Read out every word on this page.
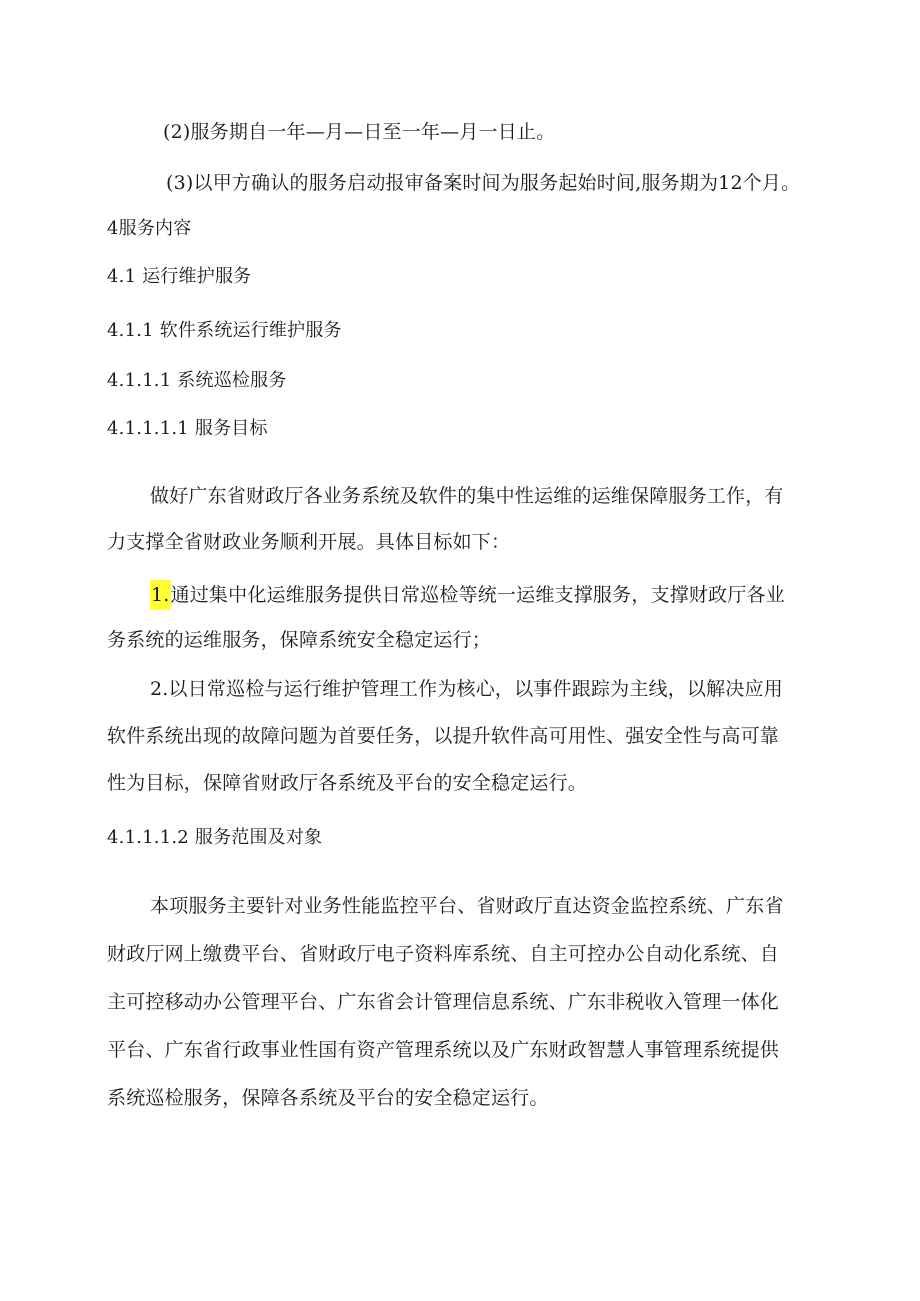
(2)服务期自一年—月—日至一年—月一日止。
(3)以甲方确认的服务启动报审备案时间为服务起始时间,服务期为12个月。
4服务内容
4.1 运行维护服务
4.1.1 软件系统运行维护服务
4.1.1.1 系统巡检服务
4.1.1.1.1 服务目标
做好广东省财政厅各业务系统及软件的集中性运维的运维保障服务工作，有
力支撑全省财政业务顺利开展。具体目标如下：
1.通过集中化运维服务提供日常巡检等统一运维支撑服务，支撑财政厅各业
务系统的运维服务，保障系统安全稳定运行；
2.以日常巡检与运行维护管理工作为核心，以事件跟踪为主线，以解决应用
软件系统出现的故障问题为首要任务，以提升软件高可用性、强安全性与高可靠
性为目标，保障省财政厅各系统及平台的安全稳定运行。
4.1.1.1.2 服务范围及对象
本项服务主要针对业务性能监控平台、省财政厅直达资金监控系统、广东省
财政厅网上缴费平台、省财政厅电子资料库系统、自主可控办公自动化系统、自
主可控移动办公管理平台、广东省会计管理信息系统、广东非税收入管理一体化
平台、广东省行政事业性国有资产管理系统以及广东财政智慧人事管理系统提供
系统巡检服务，保障各系统及平台的安全稳定运行。
